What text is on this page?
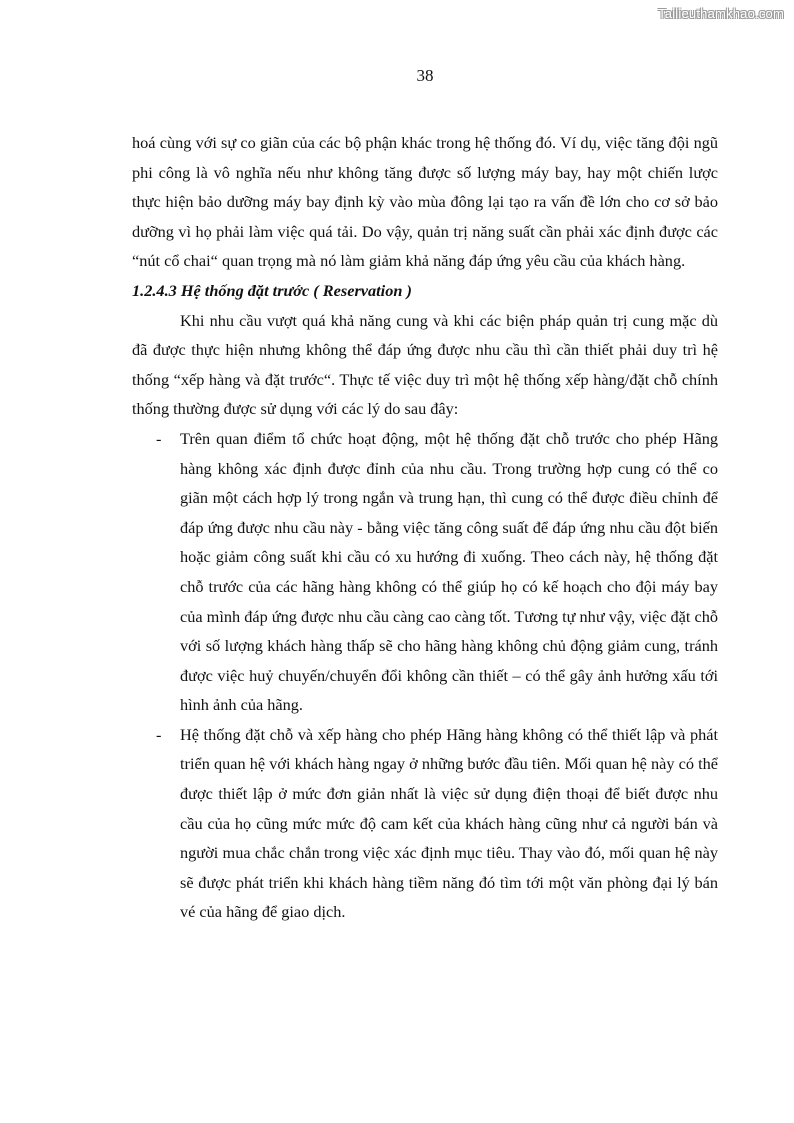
Tailieuthamkhao.com
38

hoá cùng với sự co giãn của các bộ phận khác trong hệ thống đó. Ví dụ, việc tăng đội ngũ phi công là vô nghĩa nếu như không tăng được số lượng máy bay, hay một chiến lược thực hiện bảo dưỡng máy bay định kỳ vào mùa đông lại tạo ra vấn đề lớn cho cơ sở bảo dưỡng vì họ phải làm việc quá tải. Do vậy, quản trị năng suất cần phải xác định được các “nút cổ chai“ quan trọng mà nó làm giảm khả năng đáp ứng yêu cầu của khách hàng.

1.2.4.3 Hệ thống đặt trước ( Reservation )

Khi nhu cầu vượt quá khả năng cung và khi các biện pháp quản trị cung mặc dù đã được thực hiện nhưng không thể đáp ứng được nhu cầu thì cần thiết phải duy trì hệ thống “xếp hàng và đặt trước“. Thực tế việc duy trì một hệ thống xếp hàng/đặt chỗ chính thống thường được sử dụng với các lý do sau đây:

- Trên quan điểm tổ chức hoạt động, một hệ thống đặt chỗ trước cho phép Hãng hàng không xác định được đỉnh của nhu cầu. Trong trường hợp cung có thể co giãn một cách hợp lý trong ngắn và trung hạn, thì cung có thể được điều chỉnh để đáp ứng được nhu cầu này - bằng việc tăng công suất để đáp ứng nhu cầu đột biến hoặc giảm công suất khi cầu có xu hướng đi xuống. Theo cách này, hệ thống đặt chỗ trước của các hãng hàng không có thể giúp họ có kế hoạch cho đội máy bay của mình đáp ứng được nhu cầu càng cao càng tốt. Tương tự như vậy, việc đặt chỗ với số lượng khách hàng thấp sẽ cho hãng hàng không chủ động giảm cung, tránh được việc huỷ chuyến/chuyển đổi không cần thiết – có thể gây ảnh hưởng xấu tới hình ảnh của hãng.
- Hệ thống đặt chỗ và xếp hàng cho phép Hãng hàng không có thể thiết lập và phát triển quan hệ với khách hàng ngay ở những bước đầu tiên. Mối quan hệ này có thể được thiết lập ở mức đơn giản nhất là việc sử dụng điện thoại để biết được nhu cầu của họ cũng mức mức độ cam kết của khách hàng cũng như cả người bán và người mua chắc chắn trong việc xác định mục tiêu. Thay vào đó, mối quan hệ này sẽ được phát triển khi khách hàng tiềm năng đó tìm tới một văn phòng đại lý bán vé của hãng để giao dịch.
